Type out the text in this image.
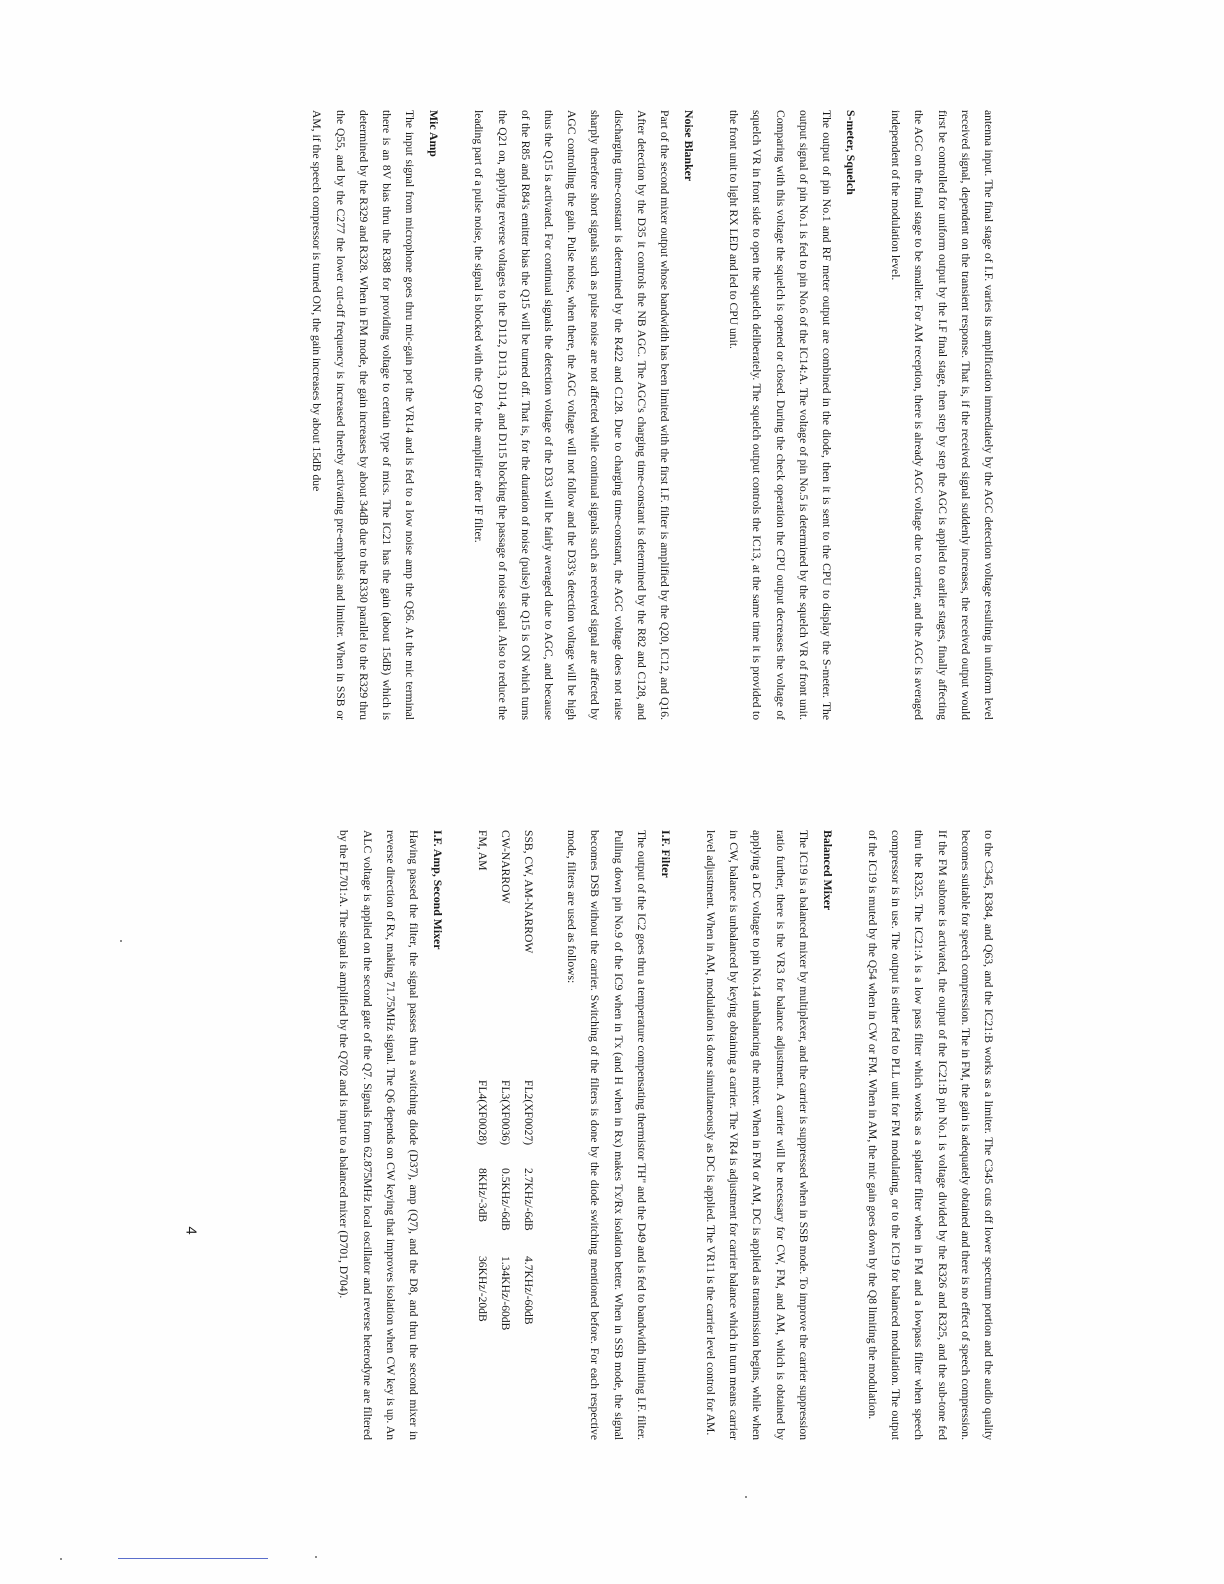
antenna input. The final stage of I.F. varies its amplification immediately by the AGC detection voltage resulting in uniform level received signal, dependent on the transient response. That is, if the received signal suddenly increases, the received output would first be controlled for uniform output by the I.F final stage, then step by step the AGC is applied to earlier stages, finally affecting the AGC on the final stage to be smaller. For AM reception, there is already AGC voltage due to carrier, and the AGC is averaged independent of the modulation level.

S-meter, Squelch

The output of pin No.1 and RF meter output are combined in the diode, then it is sent to the CPU to display the S-meter. The output signal of pin No.1 is fed to pin No.6 of the IC14:A. The voltage of pin No.5 is determined by the squelch VR of front unit. Comparing with this voltage the squelch is opened or closed. During the check operation the CPU output decreases the voltage of squelch VR in front side to open the squelch deliberately. The squelch output controls the IC13, at the same time it is provided to the front unit to light RX LED and led to CPU unit.

Noise Blanker

Part of the second mixer output whose bandwidth has been limited with the first I.F. filter is amplified by the Q20, IC12, and Q16. After detection by the D35 it controls the NB AGC. The AGC's charging time-constant is determined by the R82 and C128, and discharging time-constant is determined by the R422 and C128. Due to charging time-constant, the AGC voltage does not raise sharply therefore short signals such as pulse noise are not affected while continual signals such as received signal are affected by AGC controlling the gain. Pulse noise, when there, the AGC voltage will not follow and the D33's detection voltage will be high thus the Q15 is activated. For continual signals the detection voltage of the D33 will be fairly averaged due to AGC, and because of the R85 and R84's emitter bias the Q15 will be turned off. That is, for the duration of noise (pulse) the Q15 is ON which turns the Q21 on, applying reverse voltages to the D112, D113, D114, and D115 blocking the passage of noise signal. Also to reduce the leading part of a pulse noise, the signal is blocked with the Q9 for the amplifier after IF filter.

Mic Amp

The input signal from microphone goes thru mic-gain pot the VR14 and is fed to a low noise amp the Q56. At the mic terminal there is an 8V bias thru the R388 for providing voltage to certain type of mics. The IC21 has the gain (about 15dB) which is determined by the R329 and R328. When in FM mode, the gain increases by about 34dB due to the R330 parallel to the R329 thru the Q55, and by the C277 the lower cut-off frequency is increased thereby activating pre-emphasis and limiter. When in SSB or AM, if the speech compressor is turned ON, the gain increases by about 15dB due

to the C345, R384, and Q63, and the IC21:B works as a limiter. The C345 cuts off lower spectrum portion and the audio quality becomes suitable for speech compression. The in FM, the gain is adequately obtained and there is no effect of speech compression. If the FM subtone is activated, the output of the IC21:B pin No.1 is voltage divided by the R326 and R325, and the sub-tone fed thru the R325. The IC21:A is a low pass filter which works as a splatter filter when in FM and a lowpass filter when speech compressor is in use. The output is either fed to PLL unit for FM modulating, or to the IC19 for balanced modulation. The output of the IC19 is muted by the Q54 when in CW or FM. When in AM, the mic gain goes down by the Q8 limiting the modulation.

Balanced Mixer

The IC19 is a balanced mixer by multiplexer, and the carrier is suppressed when in SSB mode. To improve the carrier suppression ratio further, there is the VR3 for balance adjustment. A carrier will be necessary for CW, FM, and AM, which is obtained by applying a DC voltage to pin No.14 unbalancing the mixer. When in FM or AM, DC is applied as transmission begins, while when in CW, balance is unbalanced by keying obtaining a carrier. The VR4 is adjustment for carrier balance which in turn means carrier level adjustment. When in AM, modulation is done simultaneously as DC is applied. The VR11 is the carrier level control for AM.

I.F. Filter

The output of the IC2 goes thru a temperature compensating thermistor TH" and the D49 and is fed to bandwidth limiting I.F. filter. Pulling down pin No.9 of the IC9 when in Tx (and H when in Rx) makes Tx/Rx isolation better. When in SSB mode, the signal becomes DSB without the carrier. Switching of the filters is done by the diode switching mentioned before. For each respective mode, filters are used as follows:

SSB, CW, AM-NARROW
FL2(XF0027)
2.7KHz/-6dB
4.7KHz/-60dB
CW-NARROW
FL3(XF0036)
0.5KHz/-6dB
1.34KHz/-60dB
FM, AM
FL4(XF0028)
8KHz/-3dB
36KHz/-20dB
I.F. Amp, Second Mixer

Having passed the filter, the signal passes thru a switching diode (D37), amp (Q7), and the D8, and thru the second mixer in reverse direction of Rx, making 71.75MHz signal. The Q6 depends on CW keying that improves isolation when CW key is up. An ALC voltage is applied on the second gate of the Q7. Signals from 62.875MHz local oscillator and reverse heterodyne are filtered by the FL701:A. The signal is amplified by the Q702 and is input to a balanced mixer (D701, D704).

4
